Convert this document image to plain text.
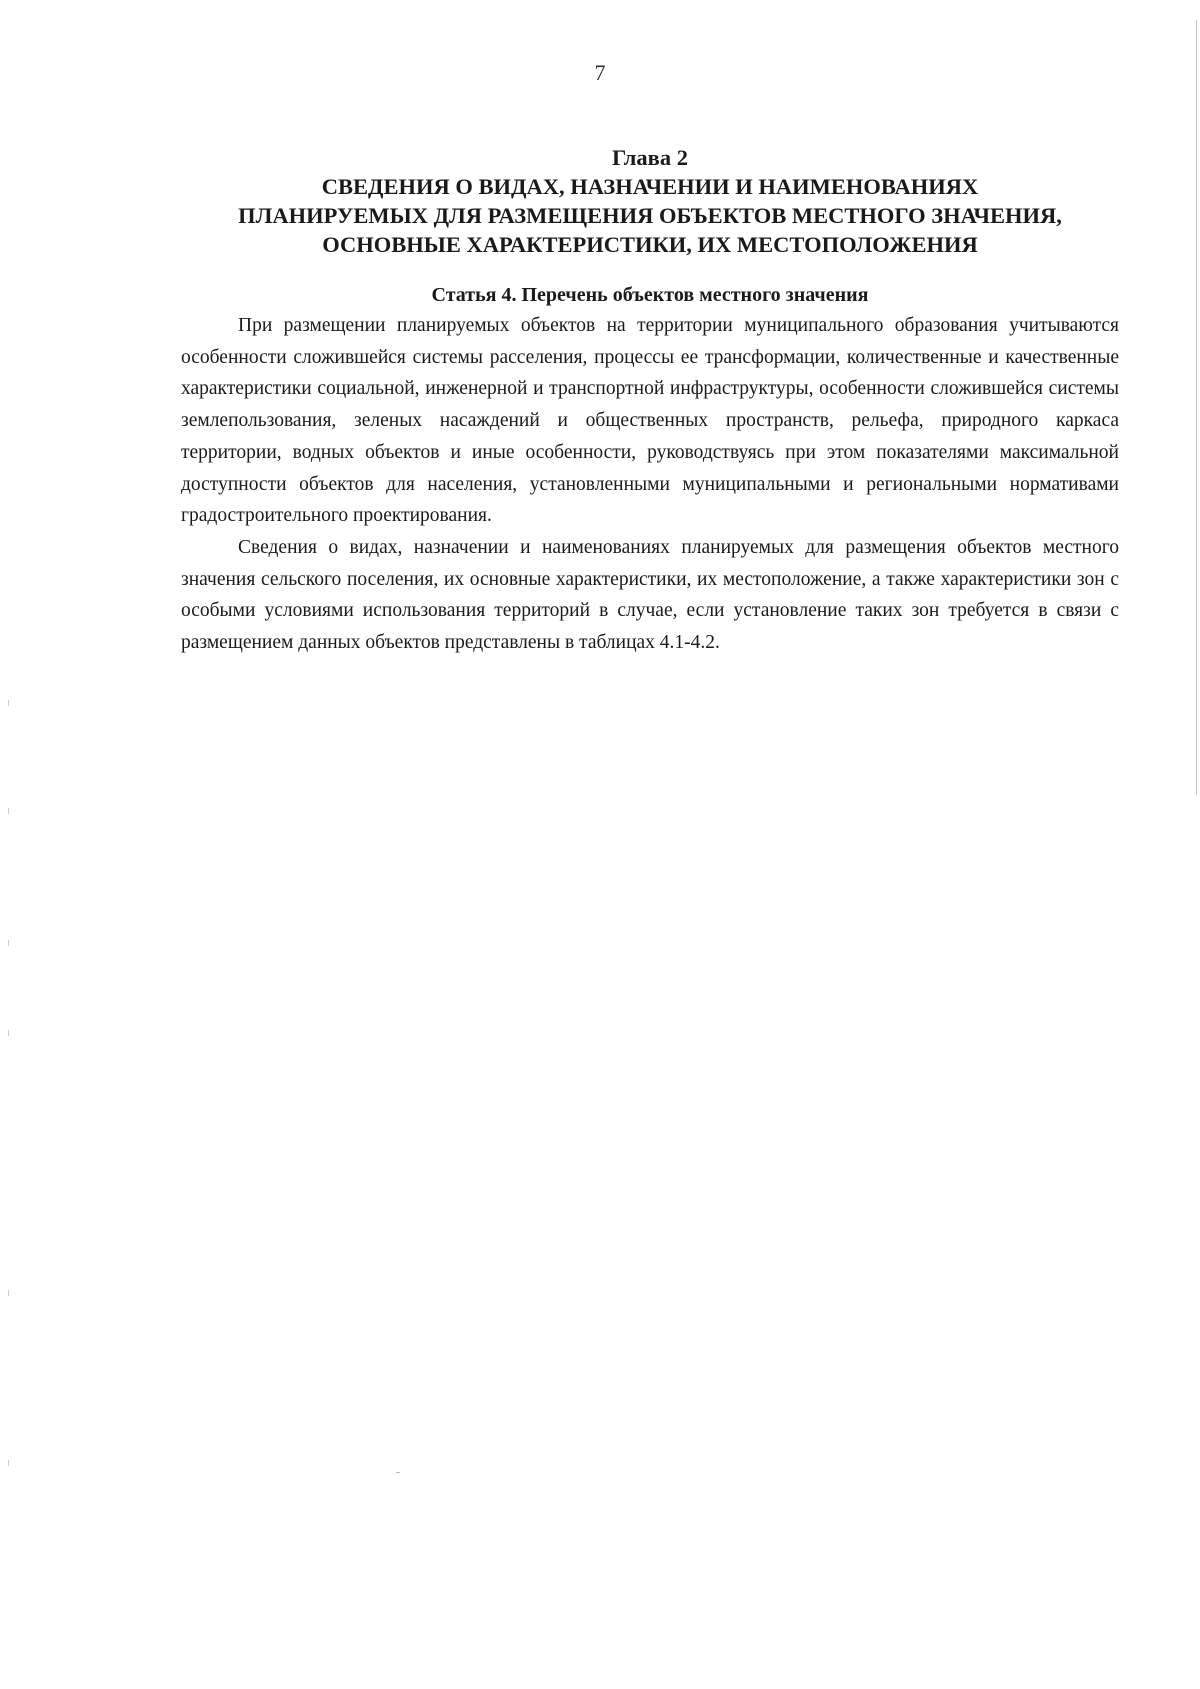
7
Глава 2
СВЕДЕНИЯ О ВИДАХ, НАЗНАЧЕНИИ И НАИМЕНОВАНИЯХ
ПЛАНИРУЕМЫХ ДЛЯ РАЗМЕЩЕНИЯ ОБЪЕКТОВ МЕСТНОГО ЗНАЧЕНИЯ,
ОСНОВНЫЕ ХАРАКТЕРИСТИКИ, ИХ МЕСТОПОЛОЖЕНИЯ
Статья 4. Перечень объектов местного значения

При размещении планируемых объектов на территории муниципального образования учитываются особенности сложившейся системы расселения, процессы ее трансформации, количественные и качественные характеристики социальной, инженерной и транспортной инфраструктуры, особенности сложившейся системы землепользования, зеленых насаждений и общественных пространств, рельефа, природного каркаса территории, водных объектов и иные особенности, руководствуясь при этом показателями максимальной доступности объектов для населения, установленными муниципальными и региональными нормативами градостроительного проектирования.

Сведения о видах, назначении и наименованиях планируемых для размещения объектов местного значения сельского поселения, их основные характеристики, их местоположение, а также характеристики зон с особыми условиями использования территорий в случае, если установление таких зон требуется в связи с размещением данных объектов представлены в таблицах 4.1-4.2.
